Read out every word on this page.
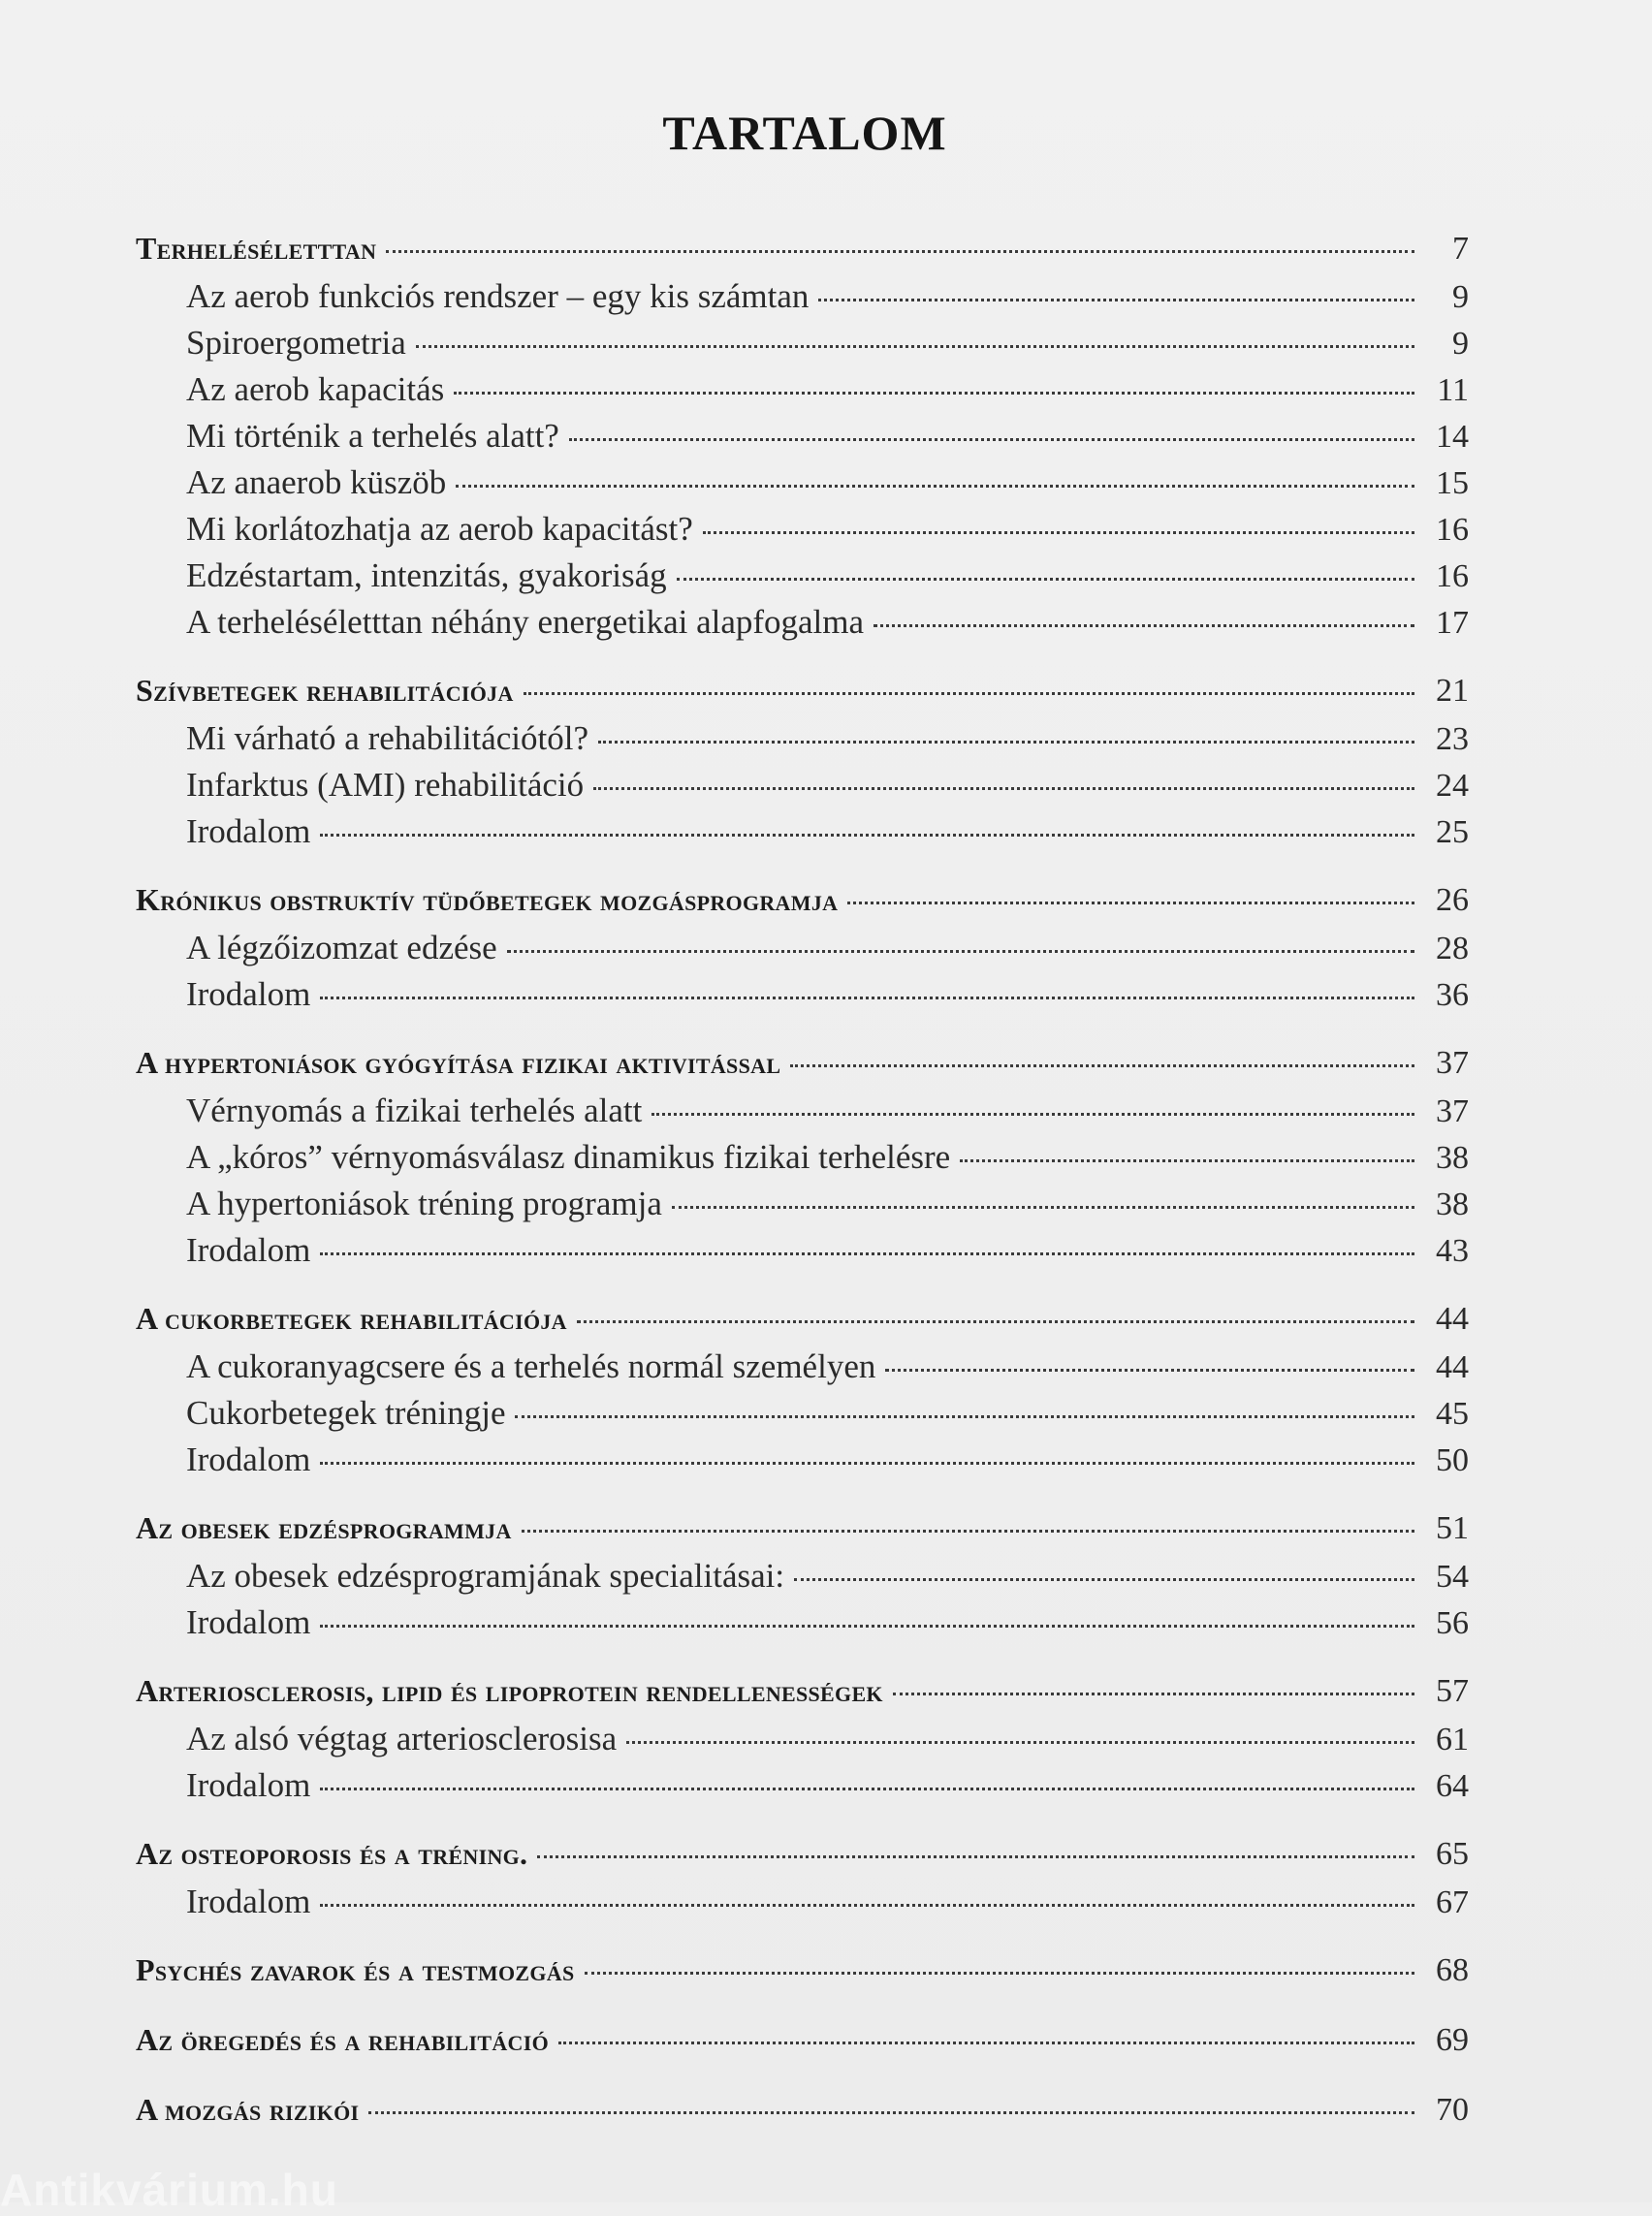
TARTALOM
Terheléséletttan	7
Az aerob funkciós rendszer – egy kis számtan	9
Spiroergometria	9
Az aerob kapacitás	11
Mi történik a terhelés alatt?	14
Az anaerob küszöb	15
Mi korlátozhatja az aerob kapacitást?	16
Edzéstartam, intenzitás, gyakoriság	16
A terheléséletttan néhány energetikai alapfogalma	17
Szívbetegek rehabilitációja	21
Mi várható a rehabilitációtól?	23
Infarktus (AMI) rehabilitáció	24
Irodalom	25
Krónikus obstruktív tüdőbetegek mozgásprogramja	26
A légzőizomzat edzése	28
Irodalom	36
A hypertoniások gyógyítása fizikai aktivitással	37
Vérnyomás a fizikai terhelés alatt	37
A „kóros” vérnyomásválasz dinamikus fizikai terhelésre	38
A hypertoniások tréning programja	38
Irodalom	43
A cukorbetegek rehabilitációja	44
A cukoranyagcsere és a terhelés normál személyen	44
Cukorbetegek tréningje	45
Irodalom	50
Az obesek edzésprogrammja	51
Az obesek edzésprogramjának specialitásai:	54
Irodalom	56
Arteriosclerosis, lipid és lipoprotein rendellenességek	57
Az alsó végtag arteriosclerosisa	61
Irodalom	64
Az osteoporosis és a tréning.	65
Irodalom	67
Psychés zavarok és a testmozgás	68
Az öregedés és a rehabilitáció	69
A mozgás rizikói	70
Antikvárium.hu
